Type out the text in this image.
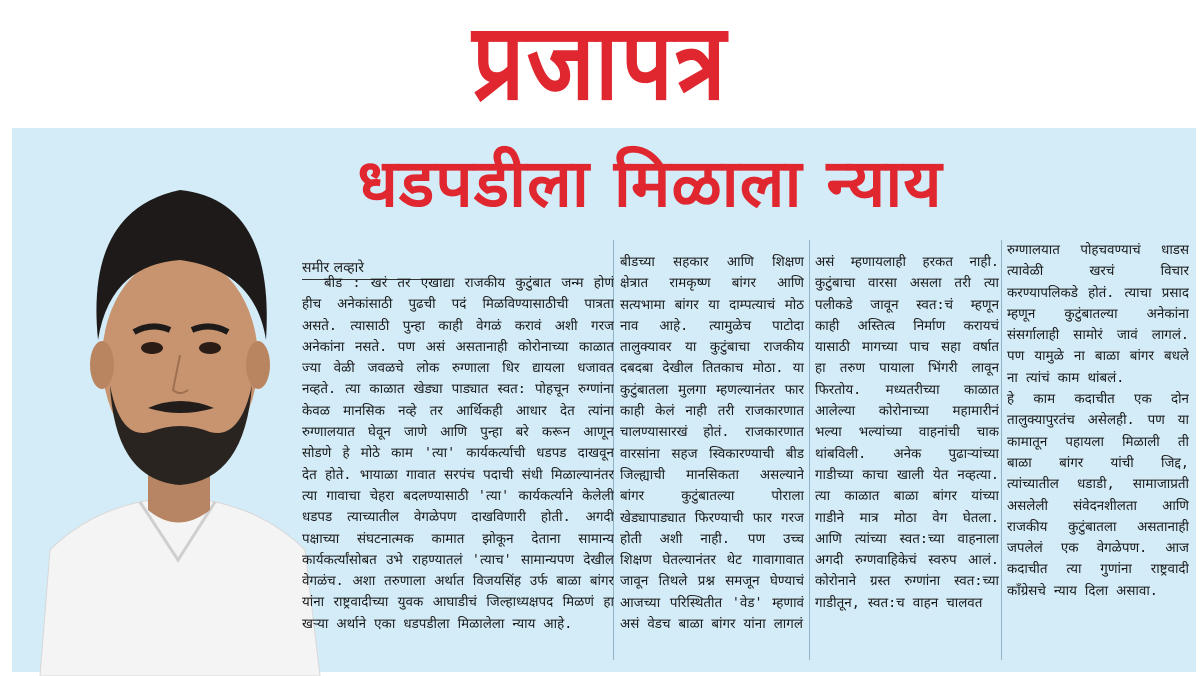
प्रजापत्र
धडपडीला मिळाला न्याय
समीर लव्हारे

बीड : खरं तर एखाद्या राजकीय कुटुंबात जन्म होणं हीच अनेकांसाठी पुढची पदं मिळविण्यासाठीची पात्रता असते. त्यासाठी पुन्हा काही वेगळं करावं अशी गरज अनेकांना नसते. पण असं असतानाही कोरोनाच्या काळात ज्या वेळी जवळचे लोक रुग्णाला धिर द्यायला धजावत नव्हते. त्या काळात खेड्या पाड्यात स्वत: पोहचून रुग्णांना केवळ मानसिक नव्हे तर आर्थिकही आधार देत त्यांना रुग्णालयात घेवून जाणे आणि पुन्हा बरे करून आणून सोडणे हे मोठे काम 'त्या' कार्यकर्त्याची धडपड दाखवून देत होते. भायाळा गावात सरपंच पदाची संधी मिळाल्यानंतर त्या गावाचा चेहरा बदलण्यासाठी 'त्या' कार्यकर्त्याने केलेली धडपड त्याच्यातील वेगळेपण दाखविणारी होती. अगदी पक्षाच्या संघटनात्मक कामात झोकून देताना सामान्य कार्यकर्त्यांसोबत उभे राहण्यातलं 'त्याच' सामान्यपण देखील वेगळंच. अशा तरुणाला अर्थात विजयसिंह उर्फ बाळा बांगर यांना राष्ट्रवादीच्या युवक आघाडीचं जिल्हाध्यक्षपद मिळणं हा खऱ्या अर्थाने एका धडपडीला मिळालेला न्याय आहे.

बीडच्या सहकार आणि शिक्षण क्षेत्रात रामकृष्ण बांगर आणि सत्यभामा बांगर या दाम्पत्याचं मोठ नाव आहे. त्यामुळेच पाटोदा तालुक्यावर या कुटुंबाचा राजकीय दबदबा देखील तितकाच मोठा. या कुटुंबातला मुलगा म्हणल्यानंतर फार काही केलं नाही तरी राजकारणात चालण्यासारखं होतं. राजकारणात वारसांना सहज स्विकारण्याची बीड जिल्ह्याची मानसिकता असल्याने बांगर कुटुंबातल्या पोराला खेड्यापाड्यात फिरण्याची फार गरज होती अशी नाही. पण उच्च शिक्षण घेतल्यानंतर थेट गावागावात जावून तिथले प्रश्न समजून घेण्याचं आजच्या परिस्थितीत 'वेड' म्हणावं असं वेडच बाळा बांगर यांना लागलं

असं म्हणायलाही हरकत नाही. कुटुंबाचा वारसा असला तरी त्या पलीकडे जावून स्वत:चं म्हणून काही अस्तित्व निर्माण करायचं यासाठी मागच्या पाच सहा वर्षात हा तरुण पायाला भिंगरी लावून फिरतोय. मध्यतरीच्या काळात आलेल्या कोरोनाच्या महामारीनं भल्या भल्यांच्या वाहनांची चाक थांबविली. अनेक पुढाऱ्यांच्या गाडीच्या काचा खाली येत नव्हत्या. त्या काळात बाळा बांगर यांच्या गाडीने मात्र मोठा वेग घेतला. आणि त्यांच्या स्वत:च्या वाहनाला अगदी रुग्णवाहिकेचं स्वरुप आलं. कोरोनाने ग्रस्त रुग्णांना स्वत:च्या गाडीतून, स्वत:च वाहन चालवत

रुग्णालयात पोहचवण्याचं धाडस त्यावेळी खरचं विचार करण्यापलिकडे होतं. त्याचा प्रसाद म्हणून कुटुंबातल्या अनेकांना संसर्गालाही सामोरं जावं लागलं. पण यामुळे ना बाळा बांगर बधले ना त्यांचं काम थांबलं.

हे काम कदाचीत एक दोन तालुक्यापुरतंच असेलही. पण या कामातून पहायला मिळाली ती बाळा बांगर यांची जिद्द, त्यांच्यातील धडाडी, सामाजाप्रती असलेली संवेदनशीलता आणि राजकीय कुटुंबातला असतानाही जपलेलं एक वेगळेपण. आज कदाचीत त्या गुणांना राष्ट्रवादी काँग्रेसचे न्याय दिला असावा.
